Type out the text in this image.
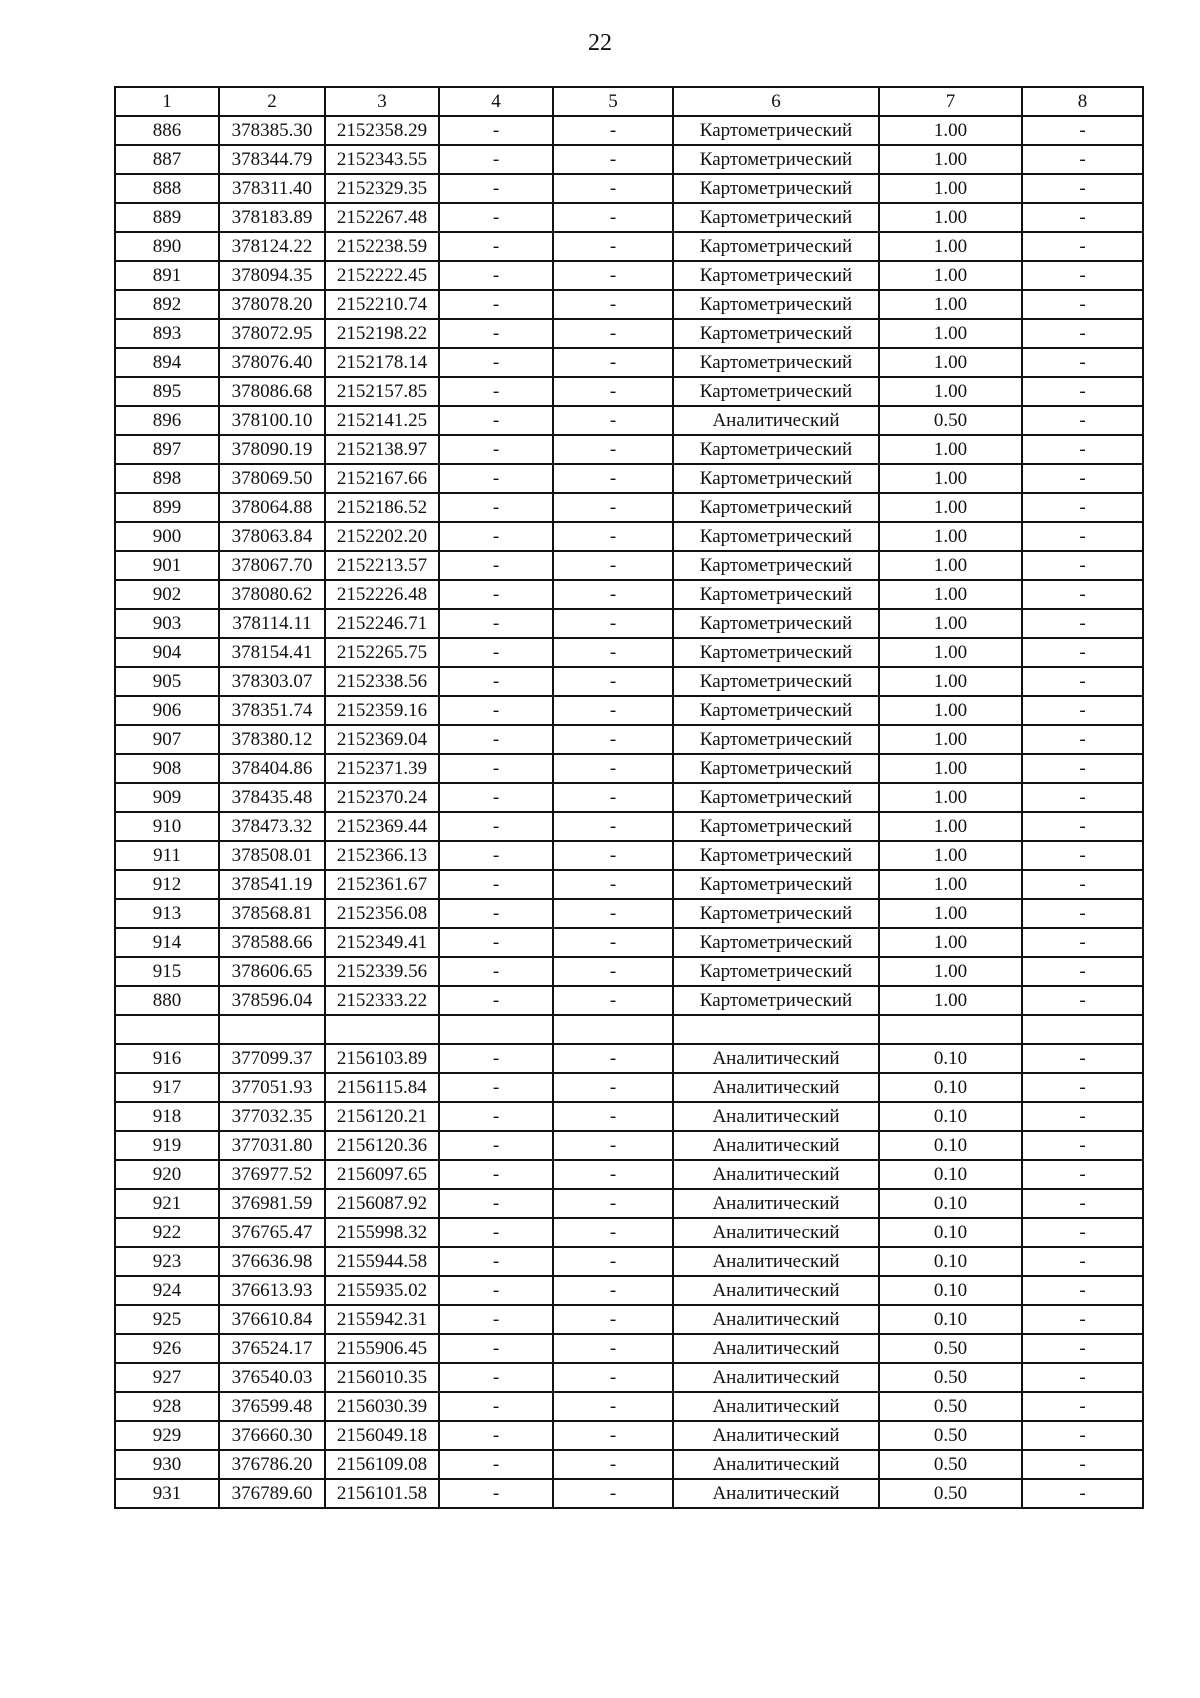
22
1	2	3	4	5	6	7	8
886	378385.30	2152358.29	-	-	Картометрический	1.00	-
887	378344.79	2152343.55	-	-	Картометрический	1.00	-
888	378311.40	2152329.35	-	-	Картометрический	1.00	-
889	378183.89	2152267.48	-	-	Картометрический	1.00	-
890	378124.22	2152238.59	-	-	Картометрический	1.00	-
891	378094.35	2152222.45	-	-	Картометрический	1.00	-
892	378078.20	2152210.74	-	-	Картометрический	1.00	-
893	378072.95	2152198.22	-	-	Картометрический	1.00	-
894	378076.40	2152178.14	-	-	Картометрический	1.00	-
895	378086.68	2152157.85	-	-	Картометрический	1.00	-
896	378100.10	2152141.25	-	-	Аналитический	0.50	-
897	378090.19	2152138.97	-	-	Картометрический	1.00	-
898	378069.50	2152167.66	-	-	Картометрический	1.00	-
899	378064.88	2152186.52	-	-	Картометрический	1.00	-
900	378063.84	2152202.20	-	-	Картометрический	1.00	-
901	378067.70	2152213.57	-	-	Картометрический	1.00	-
902	378080.62	2152226.48	-	-	Картометрический	1.00	-
903	378114.11	2152246.71	-	-	Картометрический	1.00	-
904	378154.41	2152265.75	-	-	Картометрический	1.00	-
905	378303.07	2152338.56	-	-	Картометрический	1.00	-
906	378351.74	2152359.16	-	-	Картометрический	1.00	-
907	378380.12	2152369.04	-	-	Картометрический	1.00	-
908	378404.86	2152371.39	-	-	Картометрический	1.00	-
909	378435.48	2152370.24	-	-	Картометрический	1.00	-
910	378473.32	2152369.44	-	-	Картометрический	1.00	-
911	378508.01	2152366.13	-	-	Картометрический	1.00	-
912	378541.19	2152361.67	-	-	Картометрический	1.00	-
913	378568.81	2152356.08	-	-	Картометрический	1.00	-
914	378588.66	2152349.41	-	-	Картометрический	1.00	-
915	378606.65	2152339.56	-	-	Картометрический	1.00	-
880	378596.04	2152333.22	-	-	Картометрический	1.00	-

916	377099.37	2156103.89	-	-	Аналитический	0.10	-
917	377051.93	2156115.84	-	-	Аналитический	0.10	-
918	377032.35	2156120.21	-	-	Аналитический	0.10	-
919	377031.80	2156120.36	-	-	Аналитический	0.10	-
920	376977.52	2156097.65	-	-	Аналитический	0.10	-
921	376981.59	2156087.92	-	-	Аналитический	0.10	-
922	376765.47	2155998.32	-	-	Аналитический	0.10	-
923	376636.98	2155944.58	-	-	Аналитический	0.10	-
924	376613.93	2155935.02	-	-	Аналитический	0.10	-
925	376610.84	2155942.31	-	-	Аналитический	0.10	-
926	376524.17	2155906.45	-	-	Аналитический	0.50	-
927	376540.03	2156010.35	-	-	Аналитический	0.50	-
928	376599.48	2156030.39	-	-	Аналитический	0.50	-
929	376660.30	2156049.18	-	-	Аналитический	0.50	-
930	376786.20	2156109.08	-	-	Аналитический	0.50	-
931	376789.60	2156101.58	-	-	Аналитический	0.50	-
